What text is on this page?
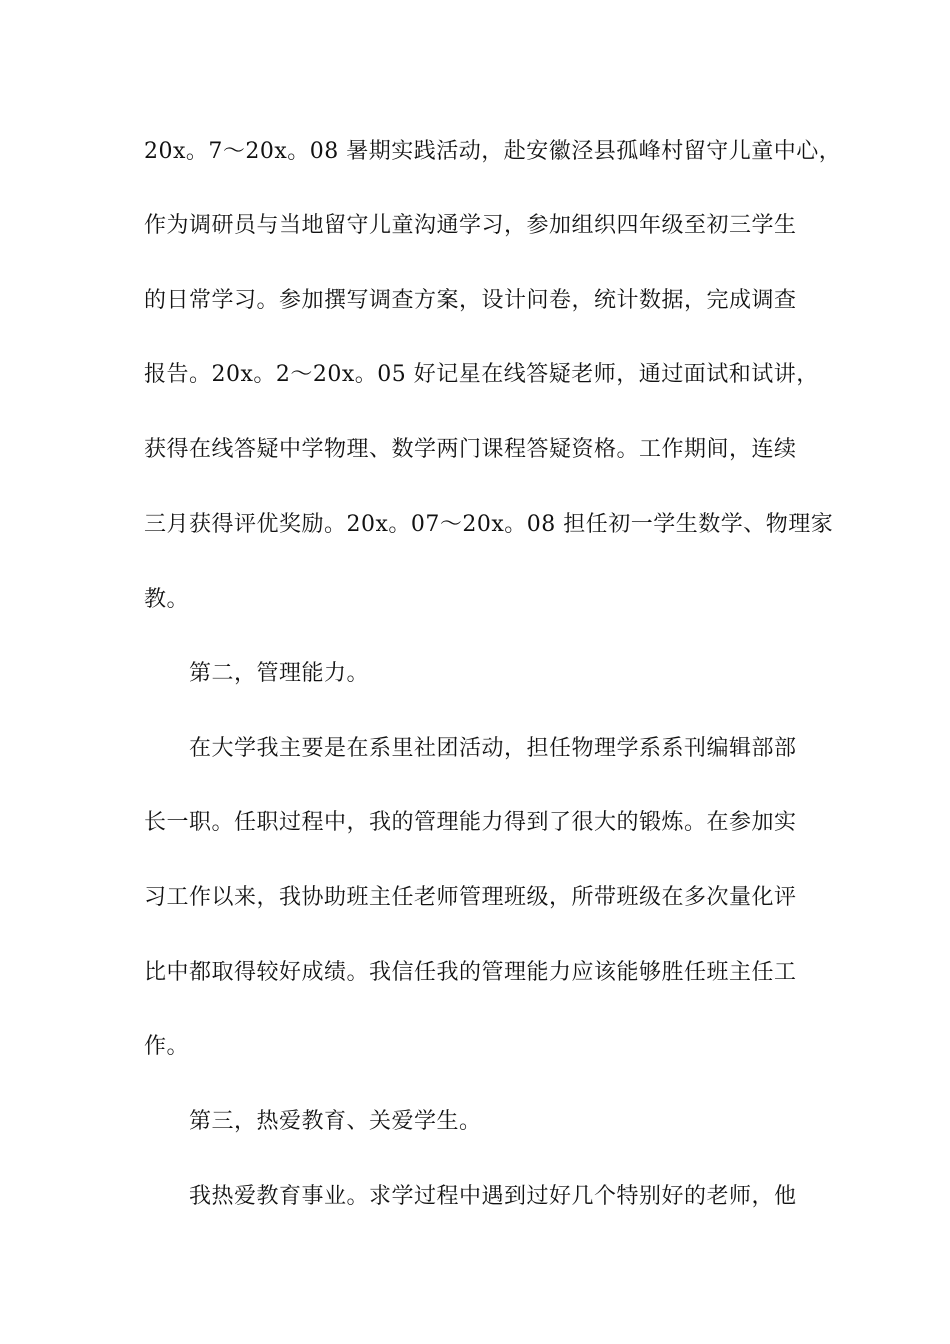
20x。7～20x。08 暑期实践活动，赴安徽泾县孤峰村留守儿童中心，
作为调研员与当地留守儿童沟通学习，参加组织四年级至初三学生
的日常学习。参加撰写调查方案，设计问卷，统计数据，完成调查
报告。20x。2～20x。05 好记星在线答疑老师，通过面试和试讲，
获得在线答疑中学物理、数学两门课程答疑资格。工作期间，连续
三月获得评优奖励。20x。07～20x。08 担任初一学生数学、物理家
教。
第二，管理能力。
在大学我主要是在系里社团活动，担任物理学系系刊编辑部部
长一职。任职过程中，我的管理能力得到了很大的锻炼。在参加实
习工作以来，我协助班主任老师管理班级，所带班级在多次量化评
比中都取得较好成绩。我信任我的管理能力应该能够胜任班主任工
作。
第三，热爱教育、关爱学生。
我热爱教育事业。求学过程中遇到过好几个特别好的老师，他
